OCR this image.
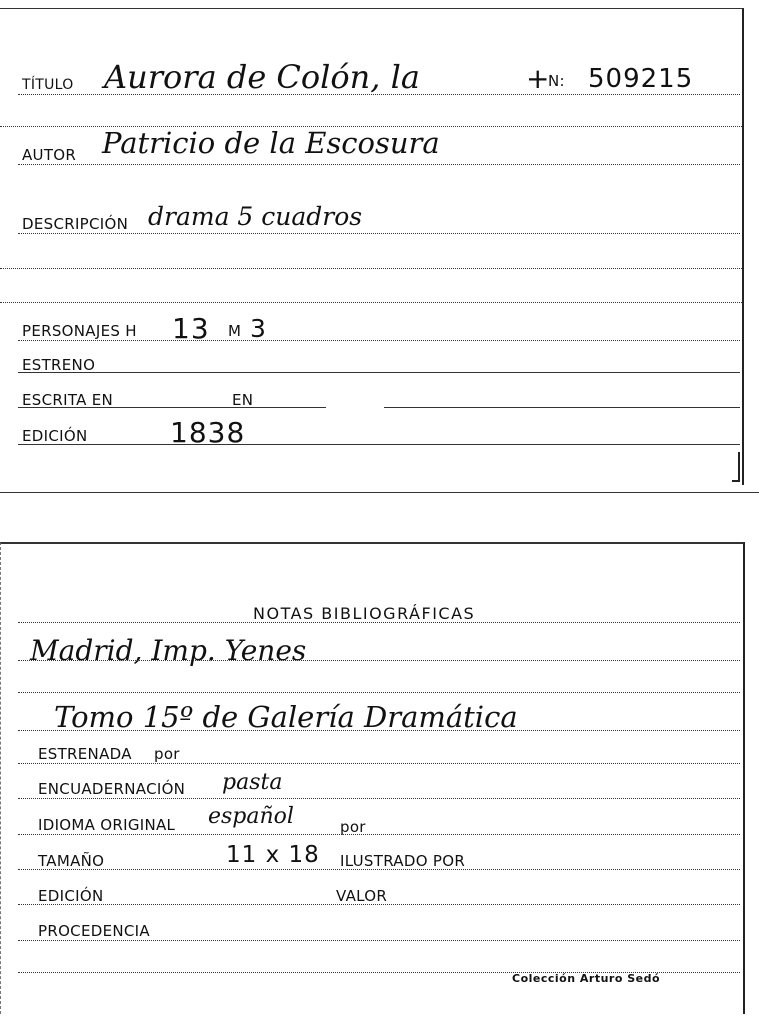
TÍTULO Aurora de Colón, la	+
N: 509215
AUTOR Patricio de la Escosura
DESCRIPCIÓN drama 5 cuadros
PERSONAJES H 13 M 3
ESTRENO
ESCRITA EN	EN
EDICIÓN	1838
NOTAS BIBLIOGRÁFICAS
Madrid, Imp. Yenes
Tomo 15º de Galería Dramática
ESTRENADA por
ENCUADERNACIÓN pasta
IDIOMA ORIGINAL español	por
TAMAÑO	11 x 18 ILUSTRADO POR
EDICIÓN	VALOR
PROCEDENCIA
Colección Arturo Sedó
